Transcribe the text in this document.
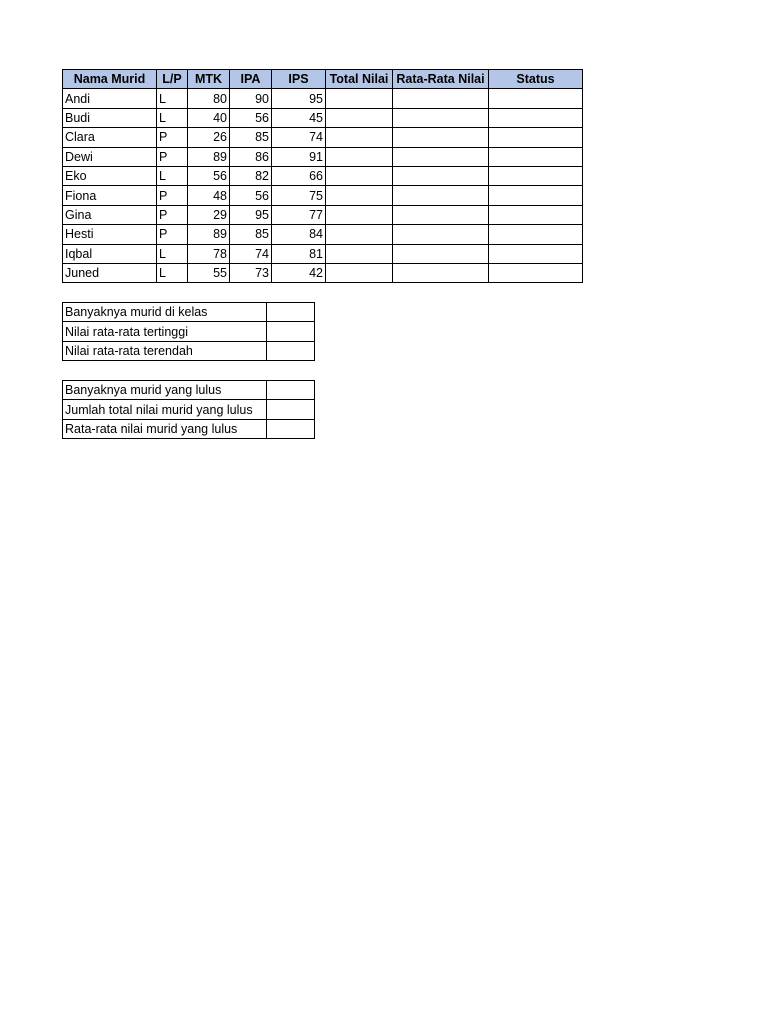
Nama Murid	L/P	MTK	IPA	IPS	Total Nilai	Rata-Rata Nilai	Status
Andi	L	80	90	95			
Budi	L	40	56	45			
Clara	P	26	85	74			
Dewi	P	89	86	91			
Eko	L	56	82	66			
Fiona	P	48	56	75			
Gina	P	29	95	77			
Hesti	P	89	85	84			
Iqbal	L	78	74	81			
Juned	L	55	73	42			
Banyaknya murid di kelas	
Nilai rata-rata tertinggi	
Nilai rata-rata terendah	
Banyaknya murid yang lulus	
Jumlah total nilai murid yang lulus	
Rata-rata nilai murid yang lulus	
